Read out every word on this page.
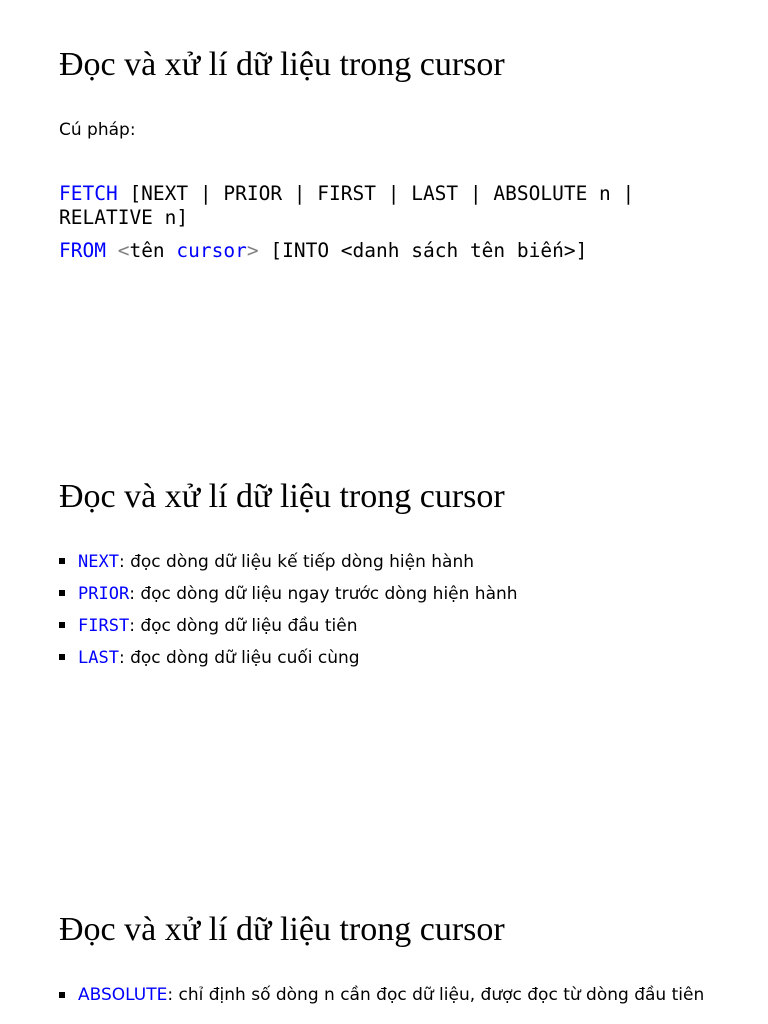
Đọc và xử lí dữ liệu trong cursor

Cú pháp:

FETCH [NEXT | PRIOR | FIRST | LAST | ABSOLUTE n |
RELATIVE n]
FROM <tên cursor> [INTO <danh sách tên biến>]
Đọc và xử lí dữ liệu trong cursor
NEXT: đọc dòng dữ liệu kế tiếp dòng hiện hành
PRIOR: đọc dòng dữ liệu ngay trước dòng hiện hành
FIRST: đọc dòng dữ liệu đầu tiên
LAST: đọc dòng dữ liệu cuối cùng
Đọc và xử lí dữ liệu trong cursor
ABSOLUTE: chỉ định số dòng n cần đọc dữ liệu, được đọc từ dòng đầu tiên
